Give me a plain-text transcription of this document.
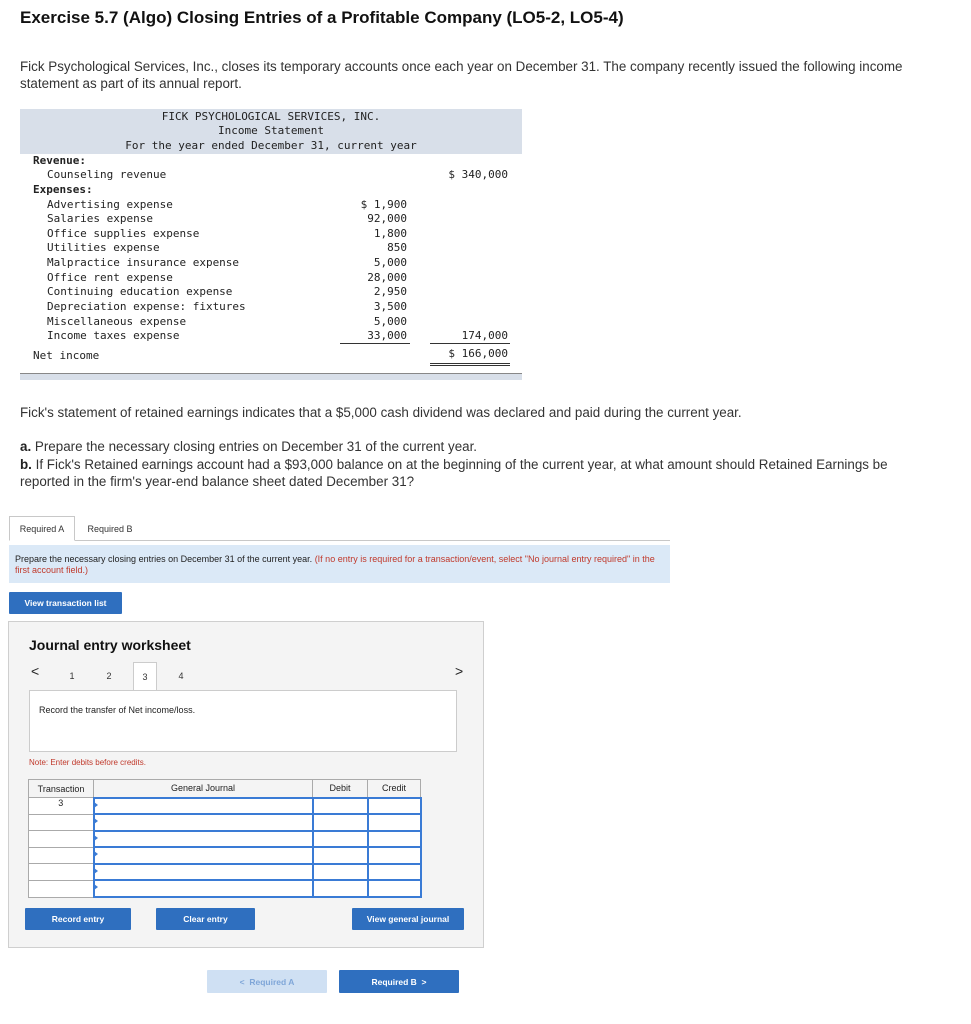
Exercise 5.7 (Algo) Closing Entries of a Profitable Company (LO5-2, LO5-4)
Fick Psychological Services, Inc., closes its temporary accounts once each year on December 31. The company recently issued the following income statement as part of its annual report.
FICK PSYCHOLOGICAL SERVICES, INC.
Income Statement
For the year ended December 31, current year
Revenue:
Counseling revenue	$ 340,000
Expenses:
Advertising expense	$ 1,900
Salaries expense	92,000
Office supplies expense	1,800
Utilities expense	850
Malpractice insurance expense	5,000
Office rent expense	28,000
Continuing education expense	2,950
Depreciation expense: fixtures	3,500
Miscellaneous expense	5,000
Income taxes expense	33,000	174,000
Net income	$ 166,000
Fick's statement of retained earnings indicates that a $5,000 cash dividend was declared and paid during the current year.
a. Prepare the necessary closing entries on December 31 of the current year.
b. If Fick's Retained earnings account had a $93,000 balance on at the beginning of the current year, at what amount should Retained Earnings be reported in the firm's year-end balance sheet dated December 31?
Required A	Required B
Prepare the necessary closing entries on December 31 of the current year. (If no entry is required for a transaction/event, select "No journal entry required" in the first account field.)
View transaction list
Journal entry worksheet
<	>
1	2	3	4
Record the transfer of Net income/loss.
Note: Enter debits before credits.
Transaction	General Journal	Debit	Credit
3	

Record entry	Clear entry	View general journal
< Required A	Required B >
